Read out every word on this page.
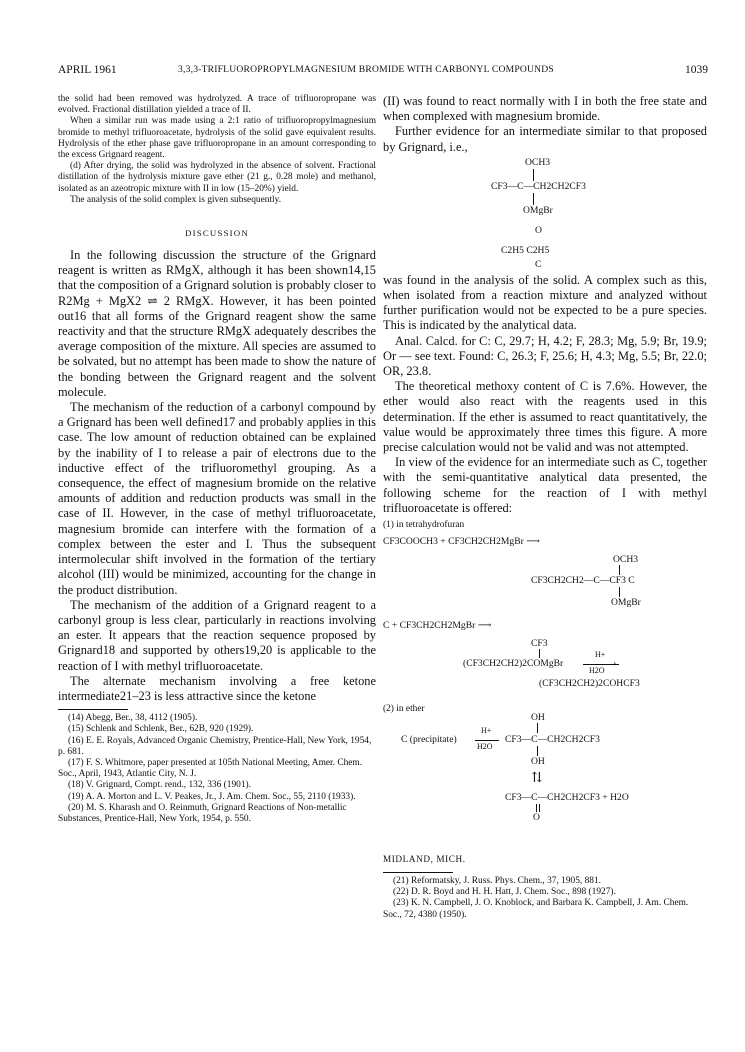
APRIL 1961	3,3,3-TRIFLUOROPROPYLMAGNESIUM BROMIDE WITH CARBONYL COMPOUNDS	1039

the solid had been removed was hydrolyzed. A trace of trifluoropropane was evolved. Fractional distillation yielded a trace of II.

When a similar run was made using a 2:1 ratio of trifluoropropylmagnesium bromide to methyl trifluoroacetate, hydrolysis of the solid gave equivalent results. Hydrolysis of the ether phase gave trifluoropropane in an amount corresponding to the excess Grignard reagent.

(d) After drying, the solid was hydrolyzed in the absence of solvent. Fractional distillation of the hydrolysis mixture gave ether (21 g., 0.28 mole) and methanol, isolated as an azeotropic mixture with II in low (15–20%) yield.

The analysis of the solid complex is given subsequently.

DISCUSSION

In the following discussion the structure of the Grignard reagent is written as RMgX, although it has been shown14,15 that the composition of a Grignard solution is probably closer to R2Mg + MgX2 ⇌ 2 RMgX. However, it has been pointed out16 that all forms of the Grignard reagent show the same reactivity and that the structure RMgX adequately describes the average composition of the mixture. All species are assumed to be solvated, but no attempt has been made to show the nature of the bonding between the Grignard reagent and the solvent molecule.

The mechanism of the reduction of a carbonyl compound by a Grignard has been well defined17 and probably applies in this case. The low amount of reduction obtained can be explained by the inability of I to release a pair of electrons due to the inductive effect of the trifluoromethyl grouping. As a consequence, the effect of magnesium bromide on the relative amounts of addition and reduction products was small in the case of II. However, in the case of methyl trifluoroacetate, magnesium bromide can interfere with the formation of a complex between the ester and I. Thus the subsequent intermolecular shift involved in the formation of the tertiary alcohol (III) would be minimized, accounting for the change in the product distribution.

The mechanism of the addition of a Grignard reagent to a carbonyl group is less clear, particularly in reactions involving an ester. It appears that the reaction sequence proposed by Grignard18 and supported by others19,20 is applicable to the reaction of I with methyl trifluoroacetate.

The alternate mechanism involving a free ketone intermediate21–23 is less attractive since the ketone

(14) Abegg, Ber., 38, 4112 (1905).

(15) Schlenk and Schlenk, Ber., 62B, 920 (1929).

(16) E. E. Royals, Advanced Organic Chemistry, Prentice-Hall, New York, 1954, p. 681.

(17) F. S. Whitmore, paper presented at 105th National Meeting, Amer. Chem. Soc., April, 1943, Atlantic City, N. J.

(18) V. Grignard, Compt. rend., 132, 336 (1901).

(19) A. A. Morton and L. V. Peakes, Jr., J. Am. Chem. Soc., 55, 2110 (1933).

(20) M. S. Kharash and O. Reinmuth, Grignard Reactions of Non-metallic Substances, Prentice-Hall, New York, 1954, p. 550.

(II) was found to react normally with I in both the free state and when complexed with magnesium bromide.

Further evidence for an intermediate similar to that proposed by Grignard, i.e.,

OCH3
CF3—C—CH2CH2CF3
OMgBr
O
C2H5 C2H5
C

was found in the analysis of the solid. A complex such as this, when isolated from a reaction mixture and analyzed without further purification would not be expected to be a pure species. This is indicated by the analytical data.

Anal. Calcd. for C: C, 29.7; H, 4.2; F, 28.3; Mg, 5.9; Br, 19.9; Or — see text. Found: C, 26.3; F, 25.6; H, 4.3; Mg, 5.5; Br, 22.0; OR, 23.8.

The theoretical methoxy content of C is 7.6%. However, the ether would also react with the reagents used in this determination. If the ether is assumed to react quantitatively, the value would be approximately three times this figure. A more precise calculation would not be valid and was not attempted.

In view of the evidence for an intermediate such as C, together with the semi-quantitative analytical data presented, the following scheme for the reaction of I with methyl trifluoroacetate is offered:

(1) in tetrahydrofuran
CF3COOCH3 + CF3CH2CH2MgBr ⟶
OCH3
CF3CH2CH2—C—CF3 C
OMgBr
C + CF3CH2CH2MgBr ⟶
CF3
(CF3CH2CH2)2COMgBr
H+
›
H2O
(CF3CH2CH2)2COHCF3
(2) in ether
OH
C (precipitate)
H+
H2O
CF3—C—CH2CH2CF3
OH
⇅
CF3—C—CH2CH2CF3 + H2O
O

MIDLAND, MICH.

(21) Reformatsky, J. Russ. Phys. Chem., 37, 1905, 881.

(22) D. R. Boyd and H. H. Hatt, J. Chem. Soc., 898 (1927).

(23) K. N. Campbell, J. O. Knoblock, and Barbara K. Campbell, J. Am. Chem. Soc., 72, 4380 (1950).
